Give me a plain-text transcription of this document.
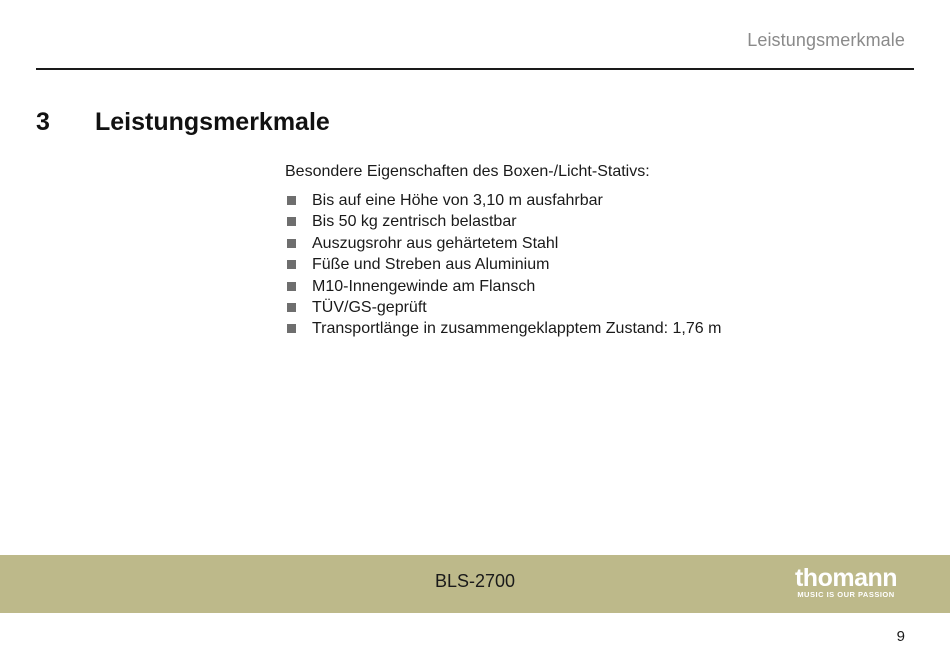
Leistungsmerkmale
3 Leistungsmerkmale

Besondere Eigenschaften des Boxen-/Licht-Stativs:

Bis auf eine Höhe von 3,10 m ausfahrbar
Bis 50 kg zentrisch belastbar
Auszugsrohr aus gehärtetem Stahl
Füße und Streben aus Aluminium
M10-Innengewinde am Flansch
TÜV/GS-geprüft
Transportlänge in zusammengeklapptem Zustand: 1,76 m
BLS-2700	thomann
MUSIC IS OUR PASSION
9
